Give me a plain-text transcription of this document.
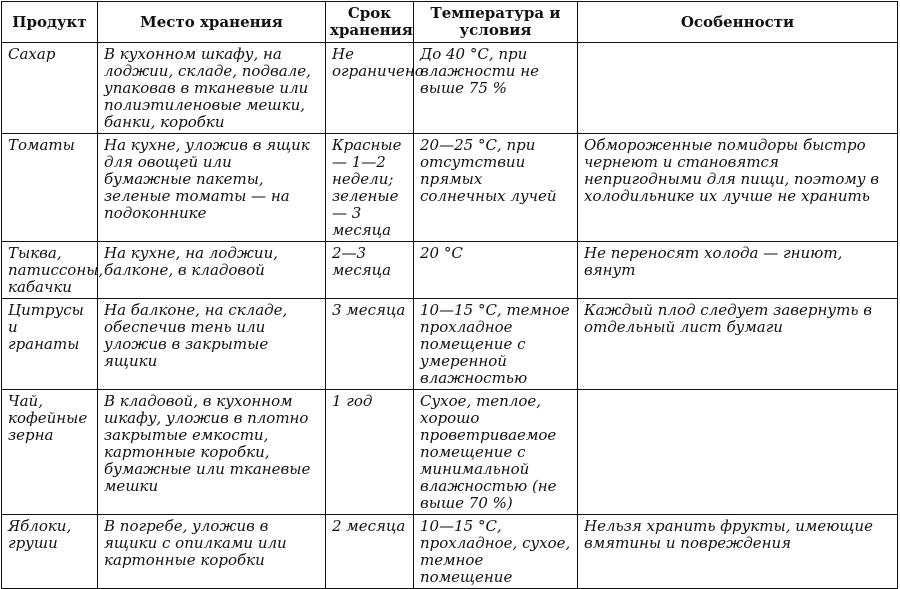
Продукт	Место хранения	Срок хранения	Температура и условия	Особенности
Сахар	В кухонном шкафу, на лоджии, складе, подвале, упаковав в тканевые или полиэтиленовые мешки, банки, коробки	Не ограничено	До 40 °С, при влажности не выше 75 %	
Томаты	На кухне, уложив в ящик для овощей или бумажные пакеты, зеленые томаты — на подоконнике	Красные — 1—2 недели; зеленые — 3 месяца	20—25 °С, при отсутствии прямых солнечных лучей	Обмороженные помидоры быстро чернеют и становятся непригодными для пищи, поэтому в холодильнике их лучше не хранить
Тыква, патиссоны, кабачки	На кухне, на лоджии, балконе, в кладовой	2—3 месяца	20 °С	Не переносят холода — гниют, вянут
Цитрусы и гранаты	На балконе, на складе, обеспечив тень или уложив в закрытые ящики	3 месяца	10—15 °С, темное прохладное помещение с умеренной влажностью	Каждый плод следует завернуть в отдельный лист бумаги
Чай, кофейные зерна	В кладовой, в кухонном шкафу, уложив в плотно закрытые емкости, картонные коробки, бумажные или тканевые мешки	1 год	Сухое, теплое, хорошо проветриваемое помещение с минимальной влажностью (не выше 70 %)	
Яблоки, груши	В погребе, уложив в ящики с опилками или картонные коробки	2 месяца	10—15 °С, прохладное, сухое, темное помещение	Нельзя хранить фрукты, имеющие вмятины и повреждения
